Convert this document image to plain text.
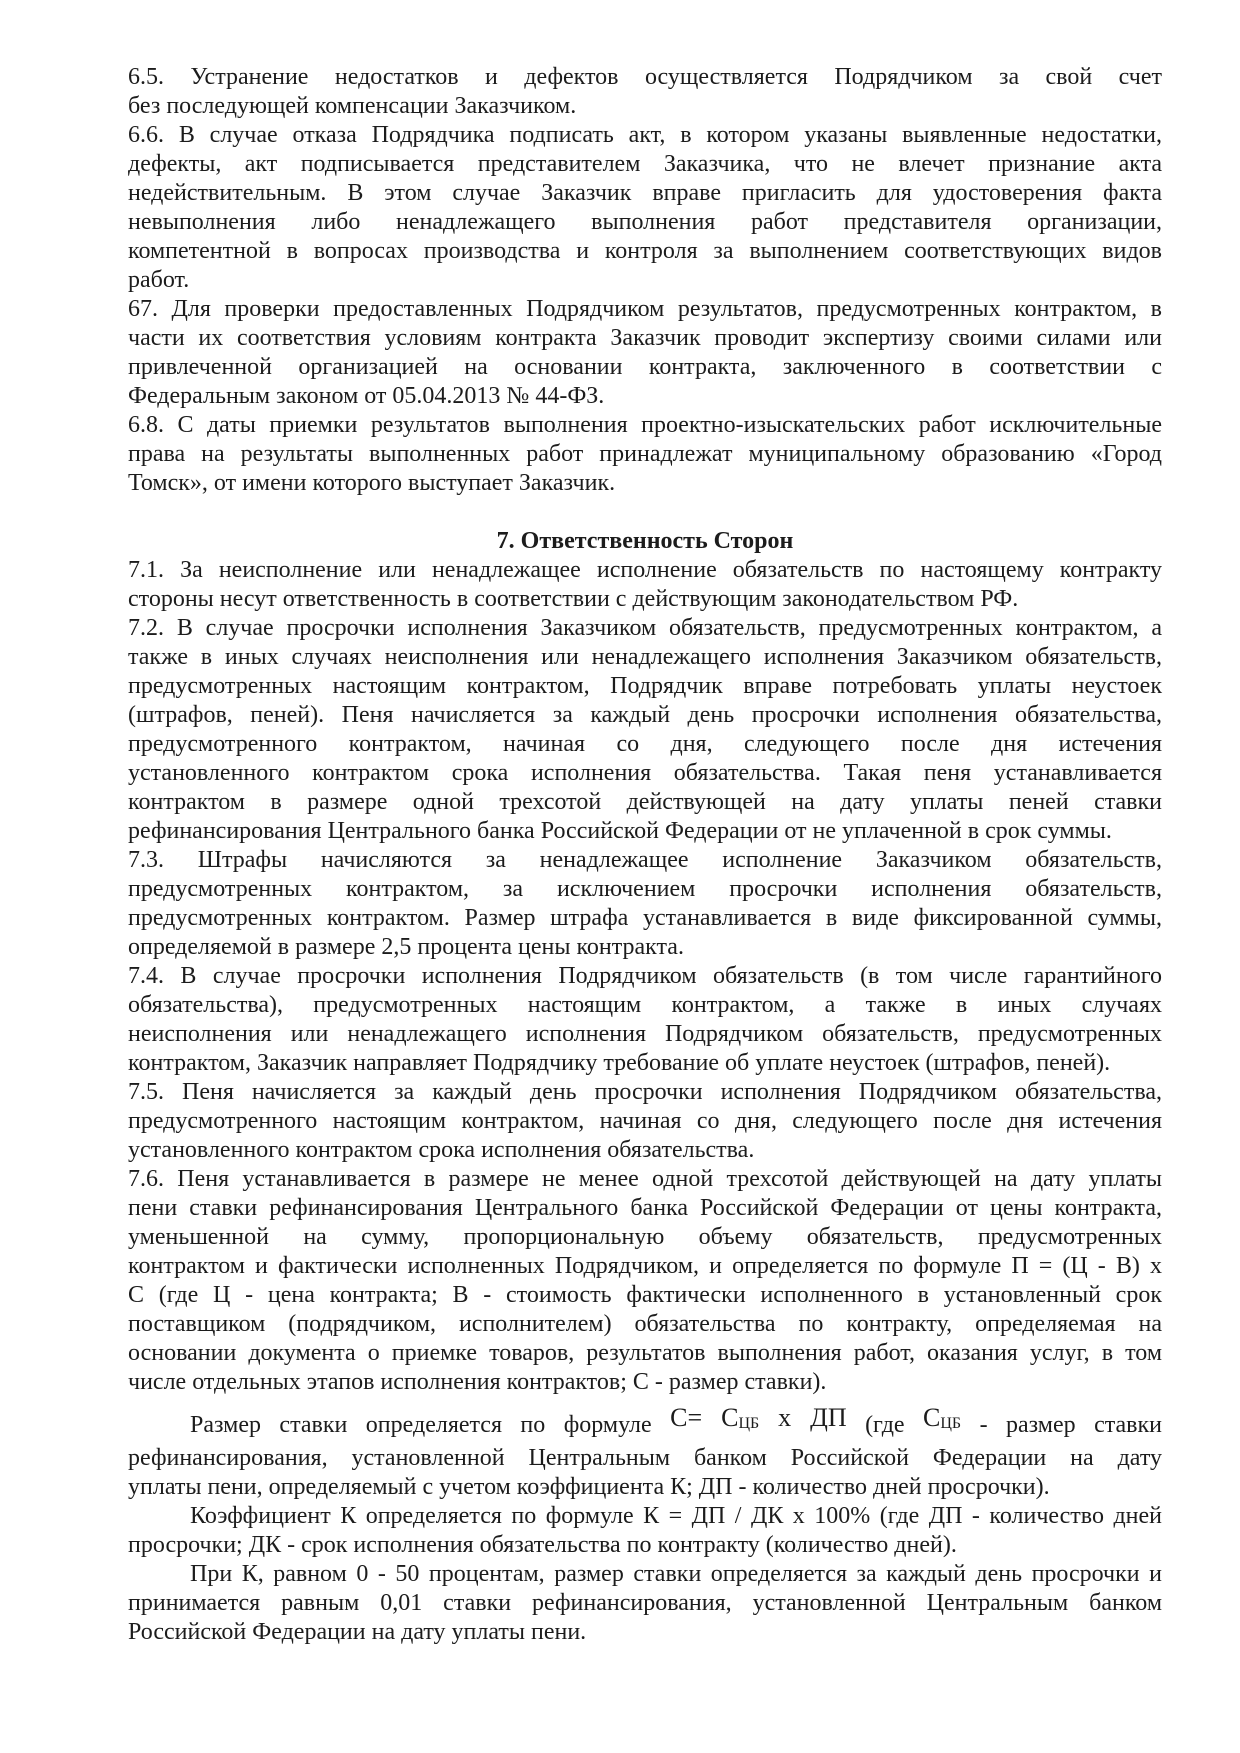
6.5. Устранение недостатков и дефектов осуществляется Подрядчиком за свой счет
без последующей компенсации Заказчиком.
6.6. В случае отказа Подрядчика подписать акт, в котором указаны выявленные недостатки,
дефекты, акт подписывается представителем Заказчика, что не влечет признание акта
недействительным. В этом случае Заказчик вправе пригласить для удостоверения факта
невыполнения либо ненадлежащего выполнения работ представителя организации,
компетентной в вопросах производства и контроля за выполнением соответствующих видов
работ.
67. Для проверки предоставленных Подрядчиком результатов, предусмотренных контрактом, в
части их соответствия условиям контракта Заказчик проводит экспертизу своими силами или
привлеченной организацией на основании контракта, заключенного в соответствии с
Федеральным законом от 05.04.2013 № 44-ФЗ.
6.8. С даты приемки результатов выполнения проектно-изыскательских работ исключительные
права на результаты выполненных работ принадлежат муниципальному образованию «Город
Томск», от имени которого выступает Заказчик.
7. Ответственность Сторон
7.1. За неисполнение или ненадлежащее исполнение обязательств по настоящему контракту
стороны несут ответственность в соответствии с действующим законодательством РФ.
7.2. В случае просрочки исполнения Заказчиком обязательств, предусмотренных контрактом, а
также в иных случаях неисполнения или ненадлежащего исполнения Заказчиком обязательств,
предусмотренных настоящим контрактом, Подрядчик вправе потребовать уплаты неустоек
(штрафов, пеней). Пеня начисляется за каждый день просрочки исполнения обязательства,
предусмотренного контрактом, начиная со дня, следующего после дня истечения
установленного контрактом срока исполнения обязательства. Такая пеня устанавливается
контрактом в размере одной трехсотой действующей на дату уплаты пеней ставки
рефинансирования Центрального банка Российской Федерации от не уплаченной в срок суммы.
7.3. Штрафы начисляются за ненадлежащее исполнение Заказчиком обязательств,
предусмотренных контрактом, за исключением просрочки исполнения обязательств,
предусмотренных контрактом. Размер штрафа устанавливается в виде фиксированной суммы,
определяемой в размере 2,5 процента цены контракта.
7.4. В случае просрочки исполнения Подрядчиком обязательств (в том числе гарантийного
обязательства), предусмотренных настоящим контрактом, а также в иных случаях
неисполнения или ненадлежащего исполнения Подрядчиком обязательств, предусмотренных
контрактом, Заказчик направляет Подрядчику требование об уплате неустоек (штрафов, пеней).
7.5. Пеня начисляется за каждый день просрочки исполнения Подрядчиком обязательства,
предусмотренного настоящим контрактом, начиная со дня, следующего после дня истечения
установленного контрактом срока исполнения обязательства.
7.6. Пеня устанавливается в размере не менее одной трехсотой действующей на дату уплаты
пени ставки рефинансирования Центрального банка Российской Федерации от цены контракта,
уменьшенной на сумму, пропорциональную объему обязательств, предусмотренных
контрактом и фактически исполненных Подрядчиком, и определяется по формуле П = (Ц - В) х
С (где Ц - цена контракта; В - стоимость фактически исполненного в установленный срок
поставщиком (подрядчиком, исполнителем) обязательства по контракту, определяемая на
основании документа о приемке товаров, результатов выполнения работ, оказания услуг, в том
числе отдельных этапов исполнения контрактов; С - размер ставки).
Размер ставки определяется по формуле $С= С_{ЦБ}$ х ДП (где $С_{ЦБ}$ - размер ставки
рефинансирования, установленной Центральным банком Российской Федерации на дату
уплаты пени, определяемый с учетом коэффициента К; ДП - количество дней просрочки).
Коэффициент К определяется по формуле К = ДП / ДК х 100% (где ДП - количество дней
просрочки; ДК - срок исполнения обязательства по контракту (количество дней).
При К, равном 0 - 50 процентам, размер ставки определяется за каждый день просрочки и
принимается равным 0,01 ставки рефинансирования, установленной Центральным банком
Российской Федерации на дату уплаты пени.
